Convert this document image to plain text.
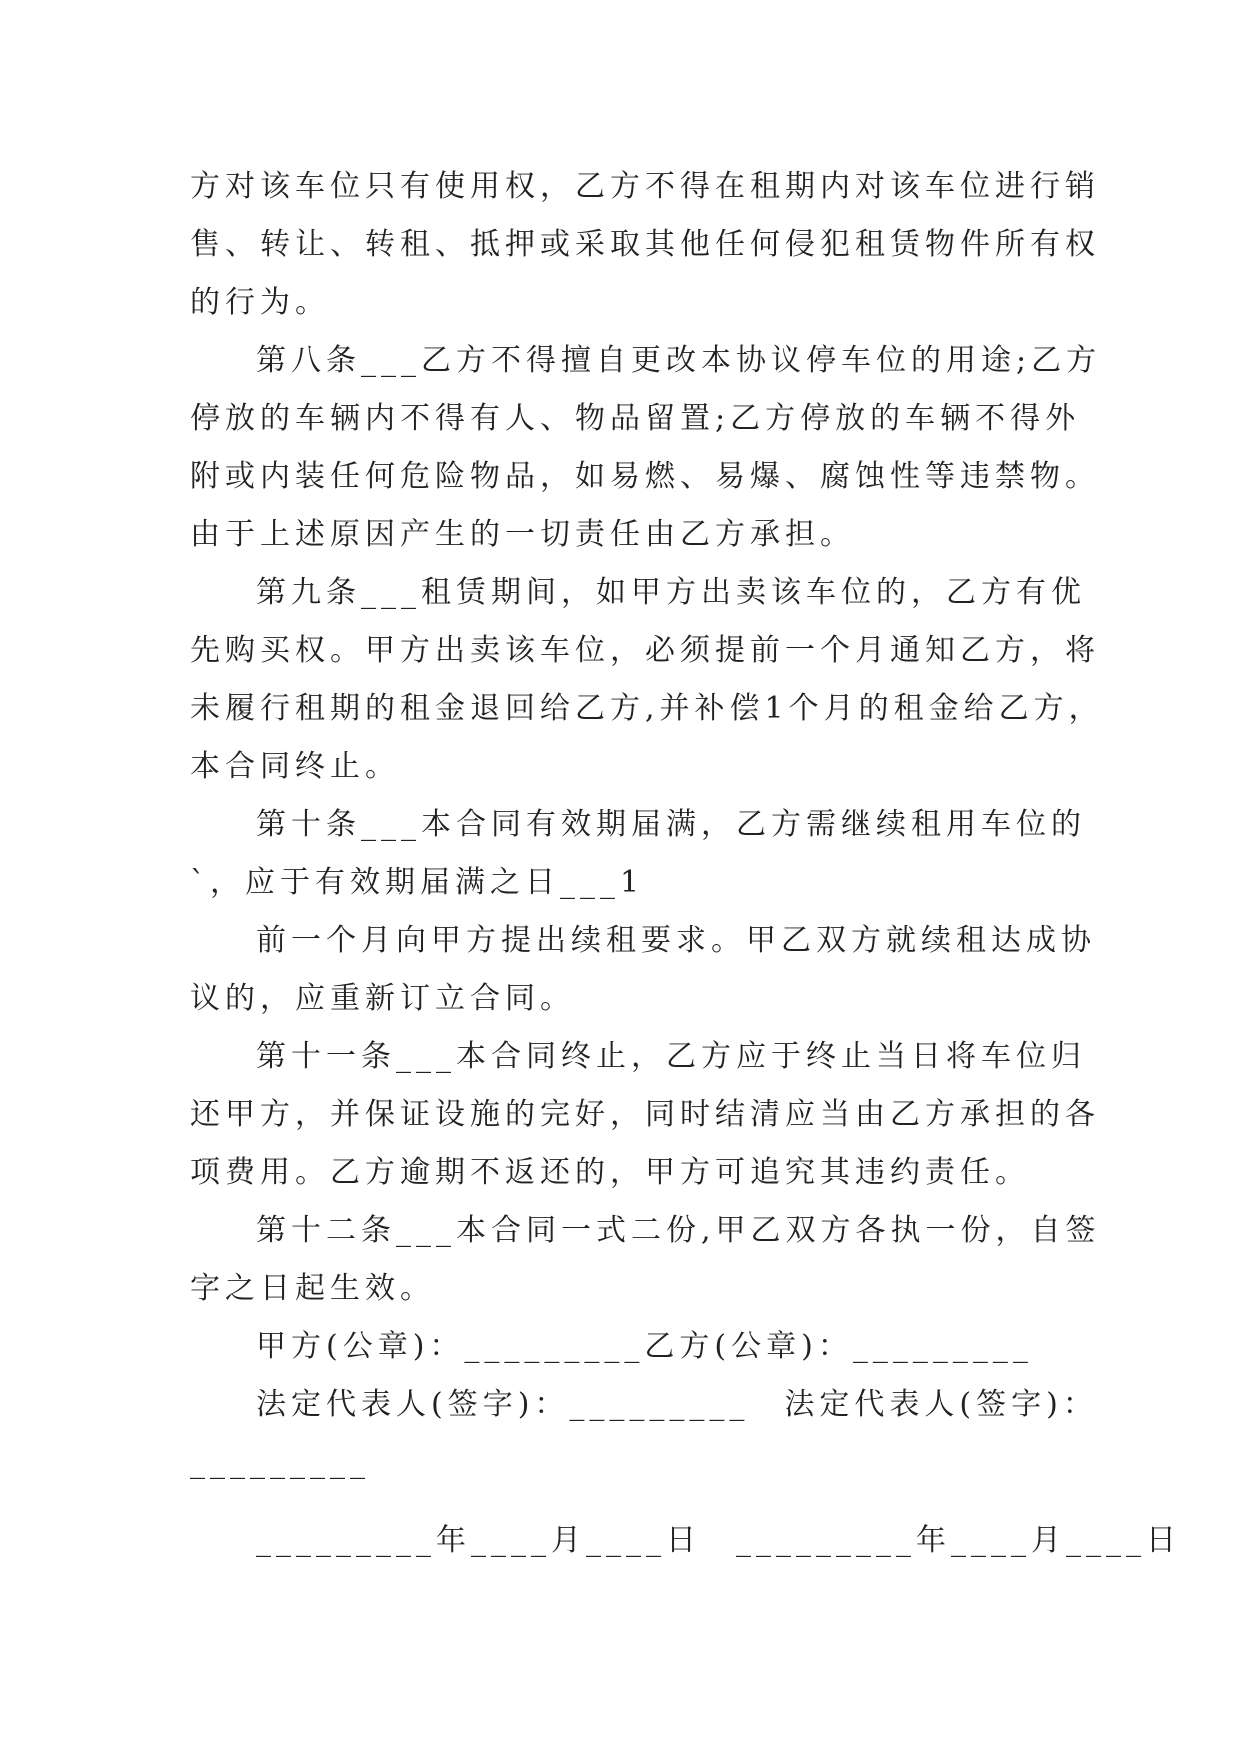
方对该车位只有使用权，乙方不得在租期内对该车位进行销
售、转让、转租、抵押或采取其他任何侵犯租赁物件所有权
的行为。
第八条___乙方不得擅自更改本协议停车位的用途;乙方
停放的车辆内不得有人、物品留置;乙方停放的车辆不得外
附或内装任何危险物品，如易燃、易爆、腐蚀性等违禁物。
由于上述原因产生的一切责任由乙方承担。
第九条___租赁期间，如甲方出卖该车位的，乙方有优
先购买权。甲方出卖该车位，必须提前一个月通知乙方，将
未履行租期的租金退回给乙方,并补偿1个月的租金给乙方，
本合同终止。
第十条___本合同有效期届满，乙方需继续租用车位的
`，应于有效期届满之日___1
前一个月向甲方提出续租要求。甲乙双方就续租达成协
议的，应重新订立合同。
第十一条___本合同终止，乙方应于终止当日将车位归
还甲方，并保证设施的完好，同时结清应当由乙方承担的各
项费用。乙方逾期不返还的，甲方可追究其违约责任。
第十二条___本合同一式二份,甲乙双方各执一份，自签
字之日起生效。
甲方(公章)：_________乙方(公章)：_________
法定代表人(签字)：_________　法定代表人(签字)：
_________
_________年____月____日　_________年____月____日
